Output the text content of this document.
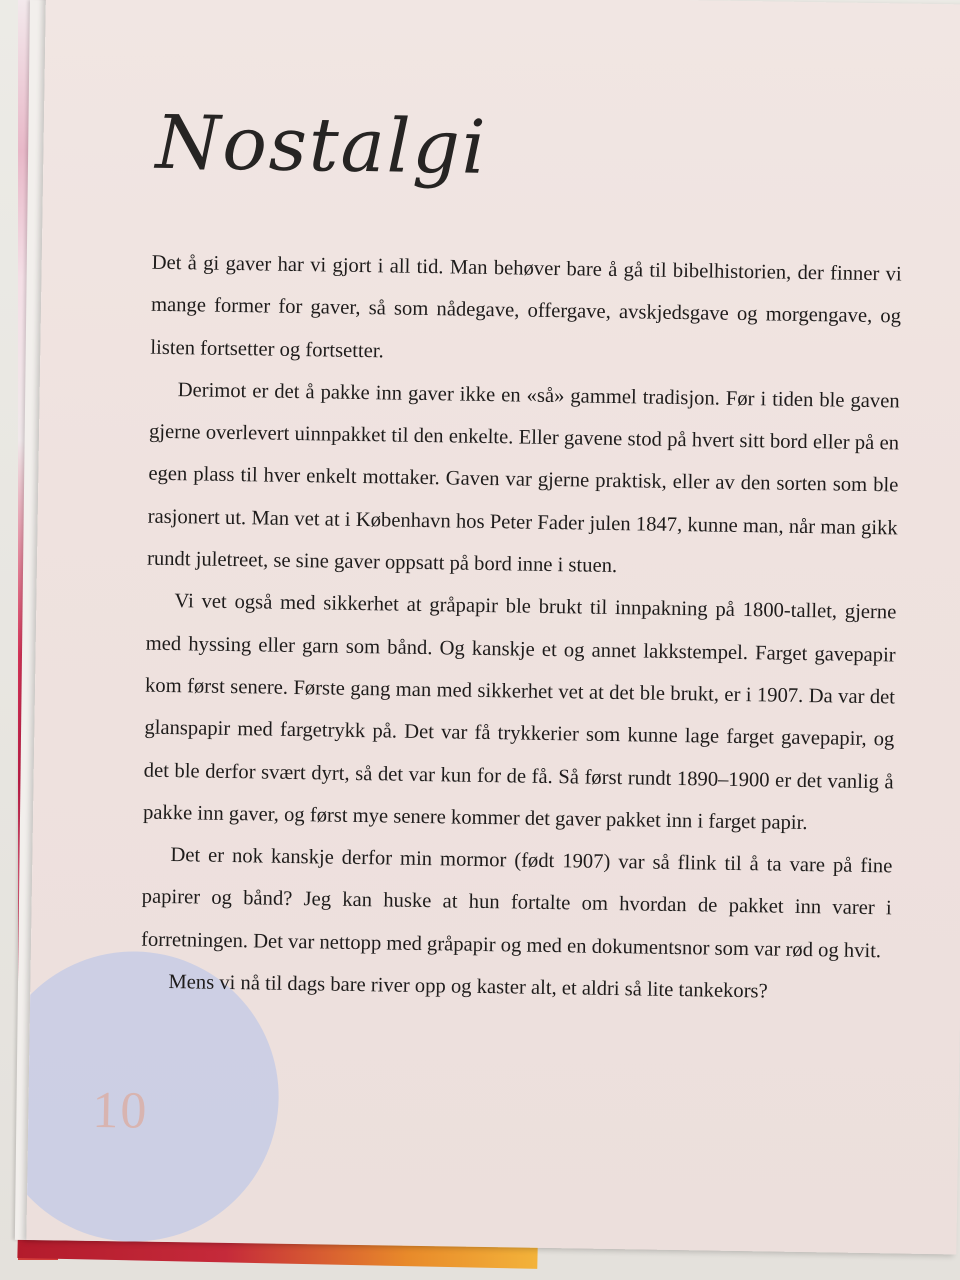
Nostalgi

Det å gi gaver har vi gjort i all tid. Man behøver bare å gå til bibelhistorien, der finner vi mange former for gaver, så som nådegave, offergave, avskjedsgave og morgengave, og listen fortsetter og fortsetter.

Derimot er det å pakke inn gaver ikke en «så» gammel tradisjon. Før i tiden ble gaven gjerne overlevert uinnpakket til den enkelte. Eller gavene stod på hvert sitt bord eller på en egen plass til hver enkelt mottaker. Gaven var gjerne praktisk, eller av den sorten som ble rasjonert ut. Man vet at i København hos Peter Fader julen 1847, kunne man, når man gikk rundt juletreet, se sine gaver oppsatt på bord inne i stuen.

Vi vet også med sikkerhet at gråpapir ble brukt til innpakning på 1800-tallet, gjerne med hyssing eller garn som bånd. Og kanskje et og annet lakkstempel. Farget gavepapir kom først senere. Første gang man med sikkerhet vet at det ble brukt, er i 1907. Da var det glanspapir med fargetrykk på. Det var få trykkerier som kunne lage farget gavepapir, og det ble derfor svært dyrt, så det var kun for de få. Så først rundt 1890–1900 er det vanlig å pakke inn gaver, og først mye senere kommer det gaver pakket inn i farget papir.

Det er nok kanskje derfor min mormor (født 1907) var så flink til å ta vare på fine papirer og bånd? Jeg kan huske at hun fortalte om hvordan de pakket inn varer i forretningen. Det var nettopp med gråpapir og med en dokumentsnor som var rød og hvit.

Mens vi nå til dags bare river opp og kaster alt, et aldri så lite tankekors?

10
